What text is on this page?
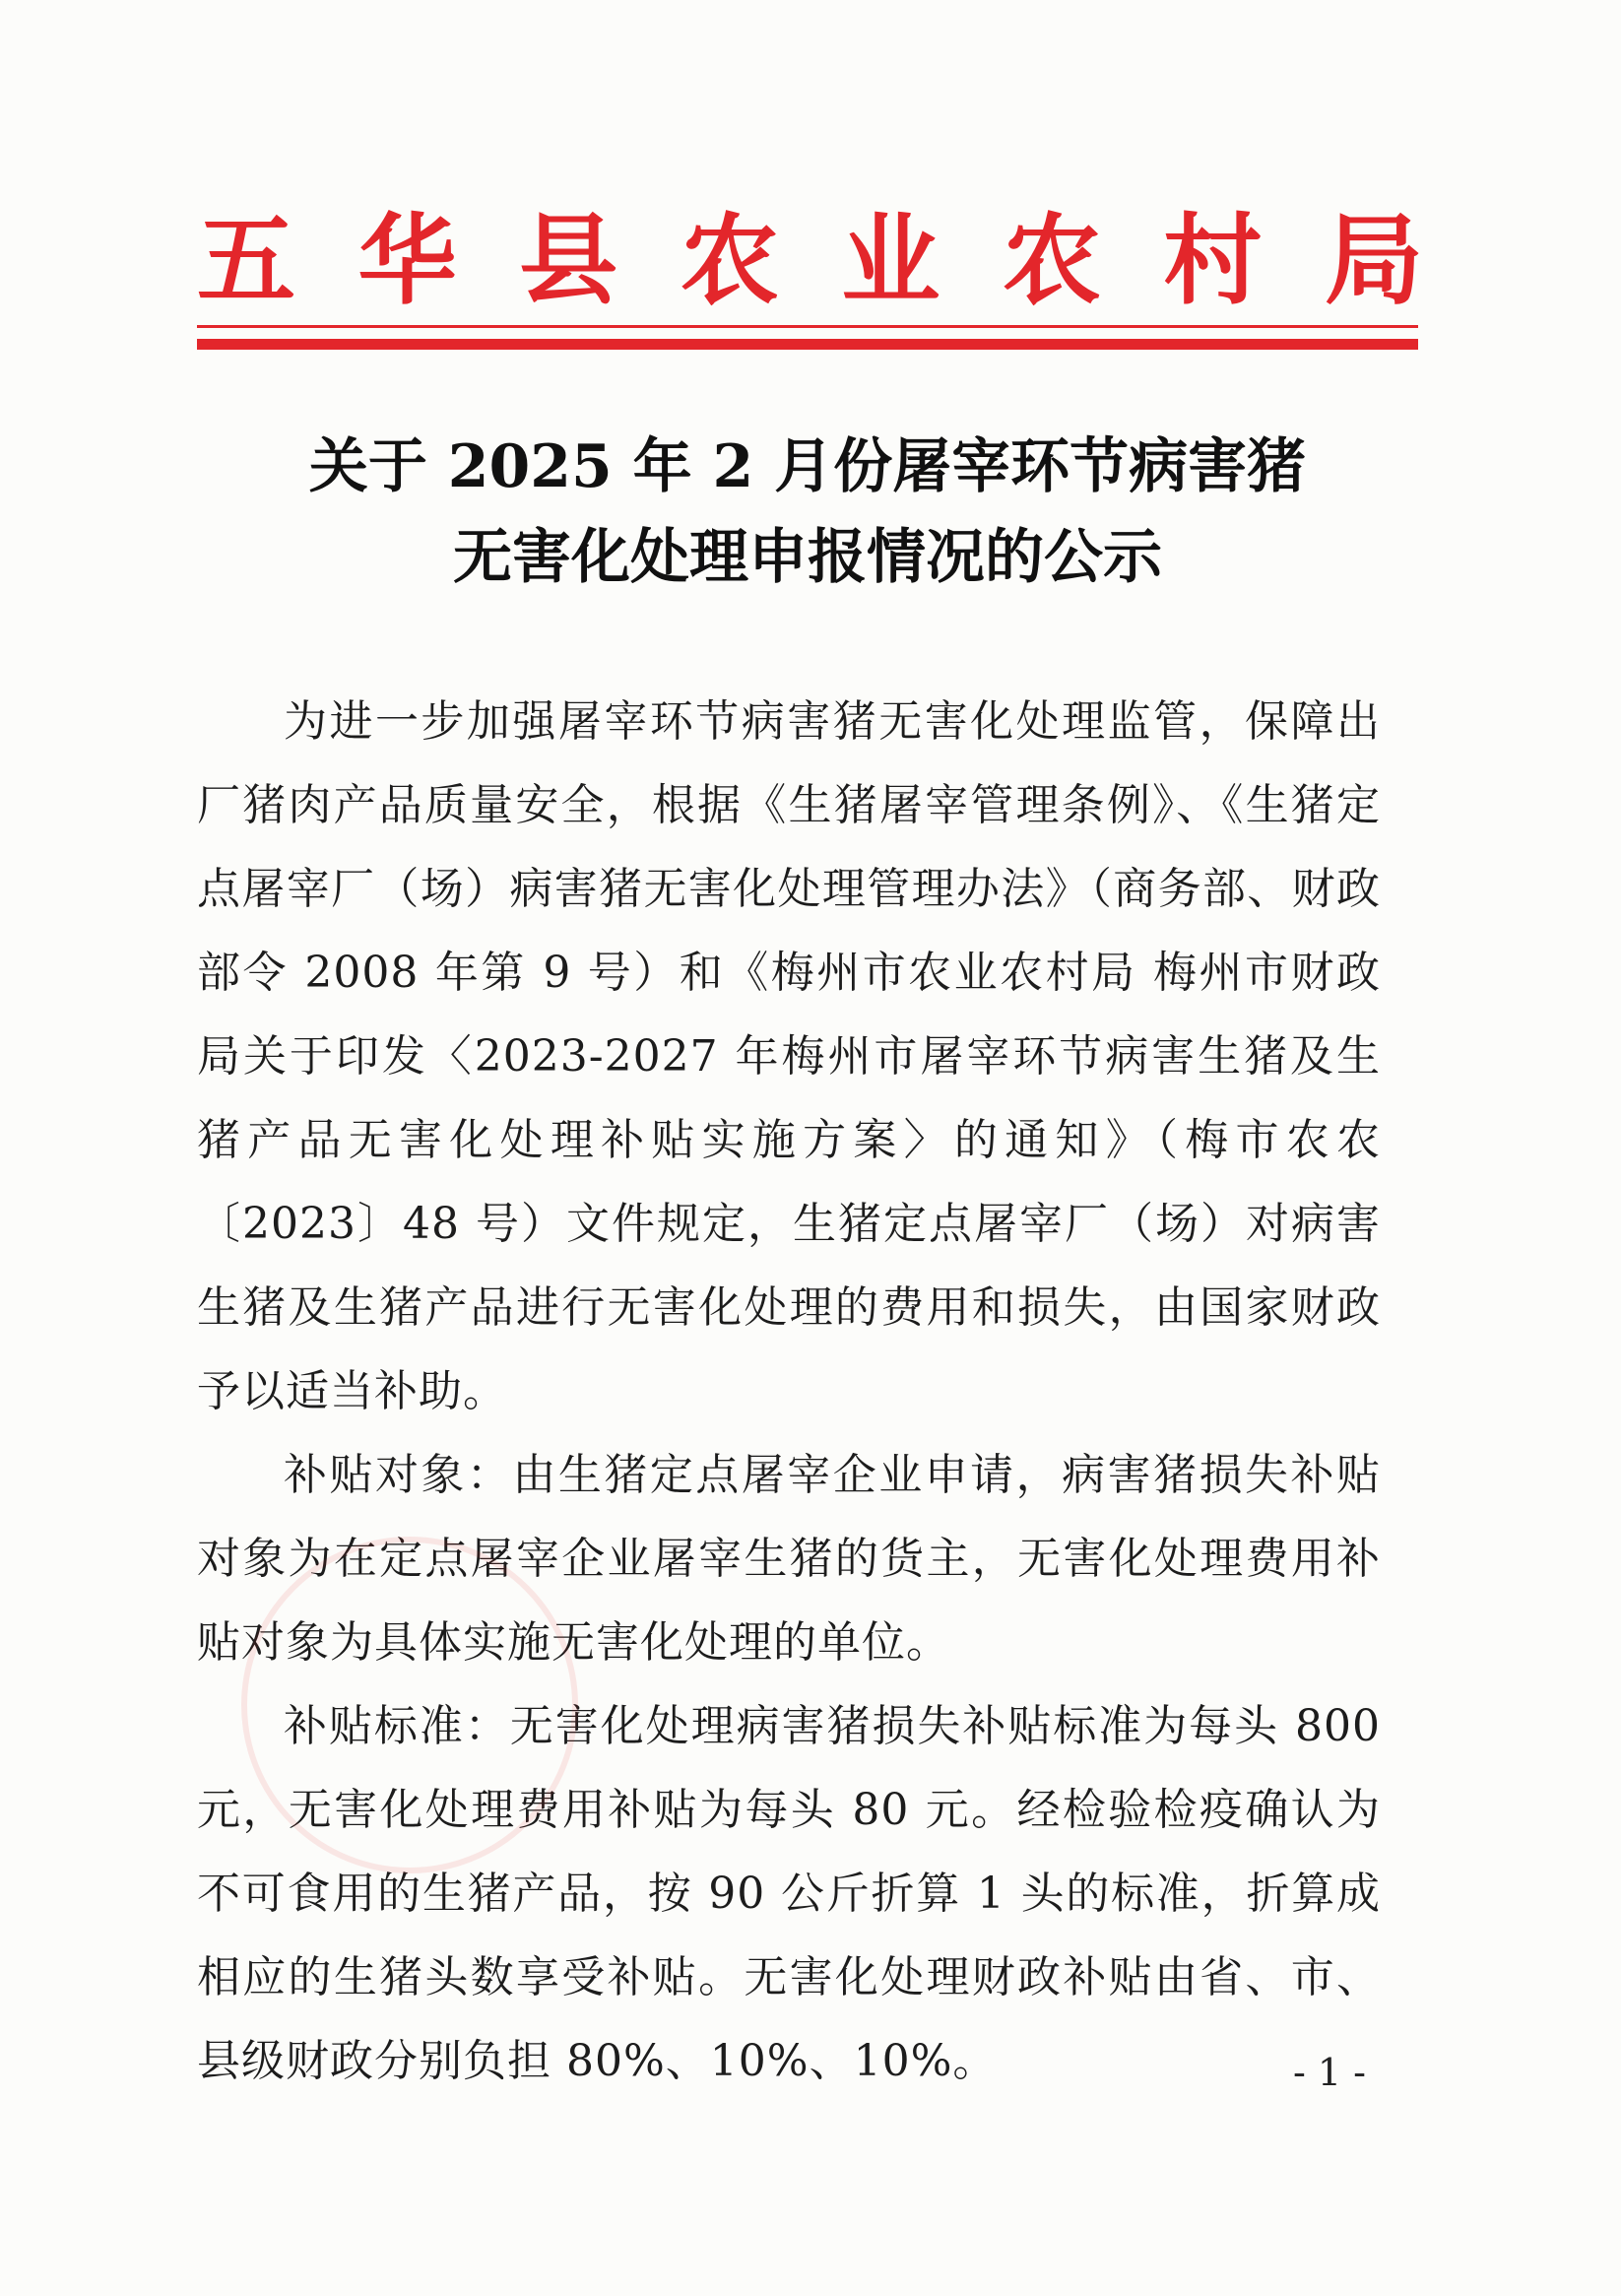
五 华 县 农 业 农 村 局
关于 2025 年 2 月份屠宰环节病害猪
无害化处理申报情况的公示

为进一步加强屠宰环节病害猪无害化处理监管，保障出厂猪肉产品质量安全，根据《生猪屠宰管理条例》、《生猪定点屠宰厂（场）病害猪无害化处理管理办法》（商务部、财政部令 2008 年第 9 号）和《梅州市农业农村局 梅州市财政局关于印发〈2023-2027 年梅州市屠宰环节病害生猪及生猪产品无害化处理补贴实施方案〉的通知》（梅市农农〔2023〕48 号）文件规定，生猪定点屠宰厂（场）对病害生猪及生猪产品进行无害化处理的费用和损失，由国家财政予以适当补助。

补贴对象：由生猪定点屠宰企业申请，病害猪损失补贴对象为在定点屠宰企业屠宰生猪的货主，无害化处理费用补贴对象为具体实施无害化处理的单位。

补贴标准：无害化处理病害猪损失补贴标准为每头 800 元，无害化处理费用补贴为每头 80 元。经检验检疫确认为不可食用的生猪产品，按 90 公斤折算 1 头的标准，折算成相应的生猪头数享受补贴。无害化处理财政补贴由省、市、县级财政分别负担 80%、10%、10%。	- 1 -
